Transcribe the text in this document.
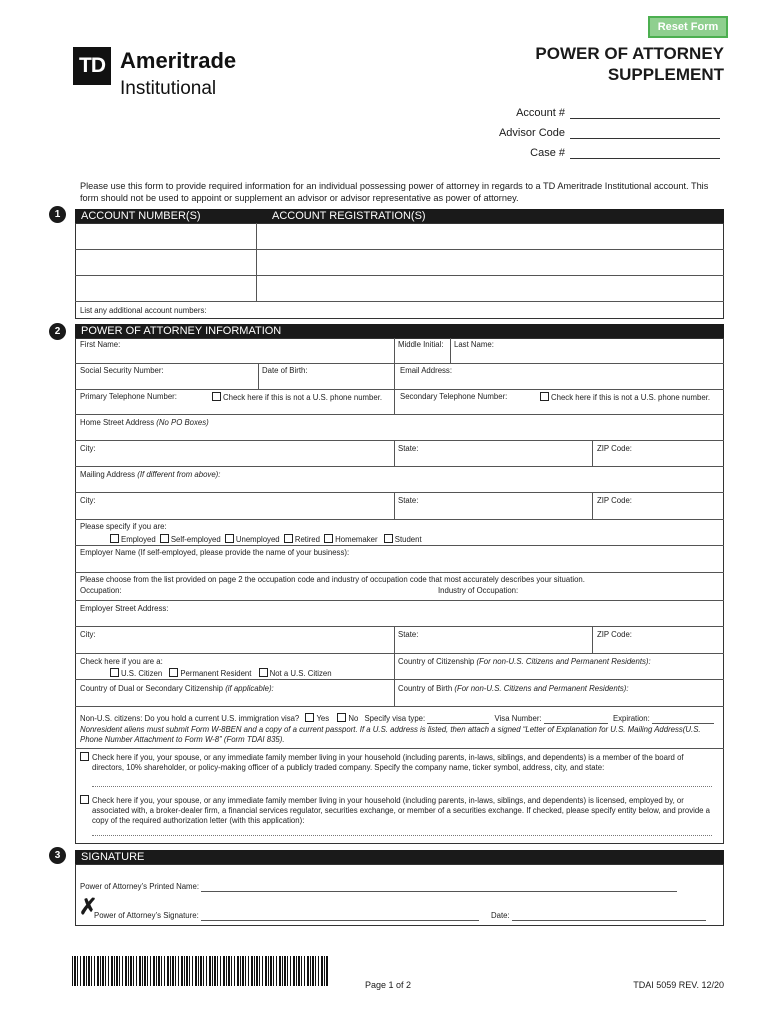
Reset Form
TD Ameritrade
Institutional
POWER OF ATTORNEY
SUPPLEMENT
Account #
Advisor Code
Case #
Please use this form to provide required information for an individual possessing power of attorney in regards to a TD Ameritrade Institutional account. This form should not be used to appoint or supplement an advisor or advisor representative as power of attorney.
1	ACCOUNT NUMBER(S)	ACCOUNT REGISTRATION(S)
List any additional account numbers:
2	POWER OF ATTORNEY INFORMATION
First Name:	Middle Initial: Last Name:
Social Security Number:	Date of Birth:	Email Address:
Primary Telephone Number:	Check here if this is not a U.S. phone number. Secondary Telephone Number:	Check here if this is not a U.S. phone number.
Home Street Address (No PO Boxes)
City:	State:	ZIP Code:
Mailing Address (If different from above):
City:	State:	ZIP Code:
Please specify if you are:
Employed Self-employed Unemployed Retired Homemaker Student
Employer Name (If self-employed, please provide the name of your business):
Please choose from the list provided on page 2 the occupation code and industry of occupation code that most accurately describes your situation.
Occupation:	Industry of Occupation:
Employer Street Address:
City:	State:	ZIP Code:
Check here if you are a:
U.S. Citizen Permanent Resident Not a U.S. Citizen
Country of Citizenship (For non-U.S. Citizens and Permanent Residents):
Country of Dual or Secondary Citizenship (if applicable):	Country of Birth (For non-U.S. Citizens and Permanent Residents):
Non-U.S. citizens: Do you hold a current U.S. immigration visa? Yes No Specify visa type:	Visa Number:	Expiration:
Nonresident aliens must submit Form W-8BEN and a copy of a current passport. If a U.S. address is listed, then attach a signed “Letter of Explanation for U.S. Mailing Address(U.S. Phone Number Attachment to Form W-8” (Form TDAI 835).
Check here if you, your spouse, or any immediate family member living in your household (including parents, in-laws, siblings, and dependents) is a member of the board of directors, 10% shareholder, or policy-making officer of a publicly traded company. Specify the company name, ticker symbol, address, city, and state:
Check here if you, your spouse, or any immediate family member living in your household (including parents, in-laws, siblings, and dependents) is licensed, employed by, or associated with, a broker-dealer firm, a financial services regulator, securities exchange, or member of a securities exchange. If checked, please specify entity below, and provide a copy of the required authorization letter (with this application):
3	SIGNATURE
Power of Attorney’s Printed Name:
✗
Power of Attorney’s Signature:	Date:
Page 1 of 2	TDAI 5059 REV. 12/20
